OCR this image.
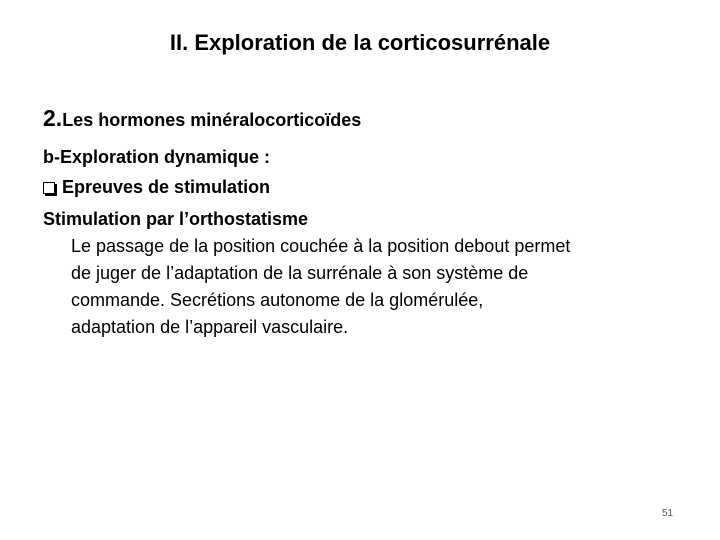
II. Exploration de la corticosurrénale
2.Les hormones minéralocorticoïdes
b-Exploration dynamique :
Epreuves de stimulation
Stimulation par l’orthostatisme
Le passage de la position couchée à la position debout permet
de juger de l’adaptation de la surrénale à son système de
commande. Secrétions autonome de la glomérulée,
adaptation de l’appareil vasculaire.
51
